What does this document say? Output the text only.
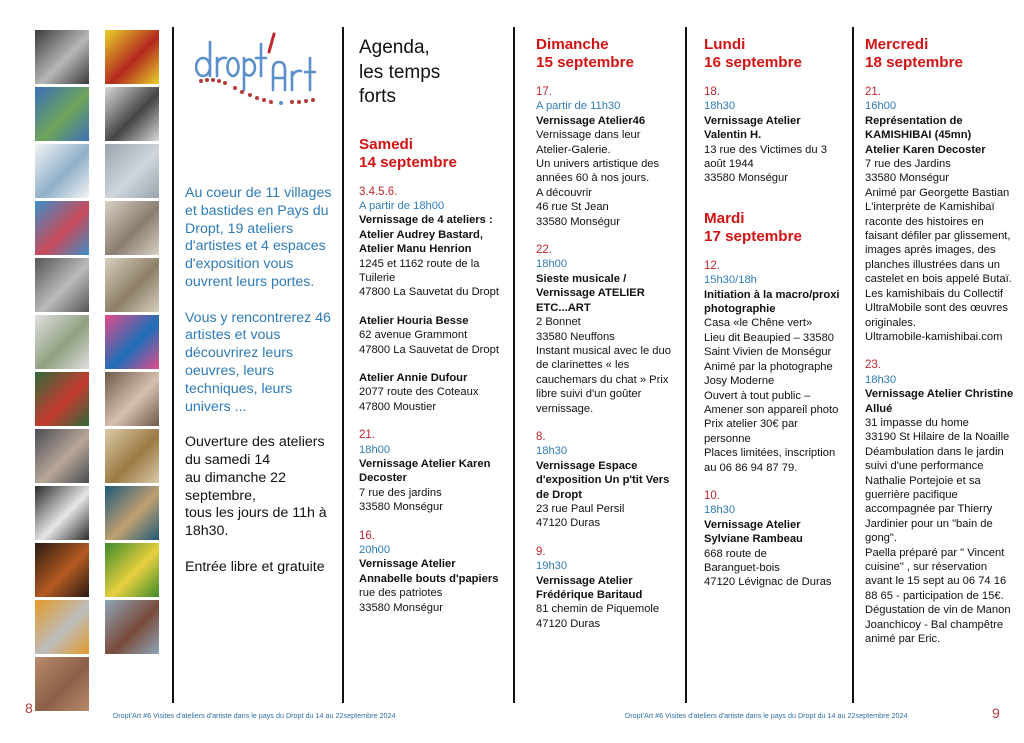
Au coeur de 11 villages et bastides en Pays du Dropt, 19 ateliers d'artistes et 4 espaces d'exposition vous ouvrent leurs portes.

Vous y rencontrerez 46 artistes et vous découvrirez leurs oeuvres, leurs techniques, leurs univers ...

Ouverture des ateliers
du samedi 14
au dimanche 22
septembre,
tous les jours de 11h à
18h30.

Entrée libre et gratuite

Agenda,
les temps
forts
Samedi
14 septembre
3.4.5.6.
A partir de 18h00
Vernissage de 4 ateliers :
Atelier Audrey Bastard,
Atelier Manu Henrion
1245 et 1162 route de la
Tuilerie
47800 La Sauvetat du Dropt
Atelier Houria Besse
62 avenue Grammont
47800 La Sauvetat de Dropt
Atelier Annie Dufour
2077 route des Coteaux
47800 Moustier
21.
18h00
Vernissage Atelier Karen
Decoster
7 rue des jardins
33580 Monségur
16.
20h00
Vernissage Atelier
Annabelle bouts d'papiers
rue des patriotes
33580 Monségur
Dimanche
15 septembre
17.
A partir de 11h30
Vernissage Atelier46
Vernissage dans leur
Atelier-Galerie.
Un univers artistique des
années 60 à nos jours.
A découvrir
46 rue St Jean
33580 Monségur
22.
18h00
Sieste musicale /
Vernissage ATELIER
ETC...ART
2 Bonnet
33580 Neuffons
Instant musical avec le duo
de clarinettes « les
cauchemars du chat » Prix
libre suivi d'un goûter
vernissage.
8.
18h30
Vernissage Espace
d'exposition Un p'tit Vers
de Dropt
23 rue Paul Persil
47120 Duras
9.
19h30
Vernissage Atelier
Frédérique Baritaud
81 chemin de Piquemole
47120 Duras
Lundi
16 septembre
18.
18h30
Vernissage Atelier
Valentin H.
13 rue des Victimes du 3
août 1944
33580 Monségur
Mardi
17 septembre
12.
15h30/18h
Initiation à la macro/proxi
photographie
Casa «le Chêne vert»
Lieu dit Beaupied – 33580
Saint Vivien de Monségur
Animé par la photographe
Josy Moderne
Ouvert à tout public –
Amener son appareil photo
Prix atelier 30€ par
personne
Places limitées, inscription
au 06 86 94 87 79.
10.
18h30
Vernissage Atelier
Sylviane Rambeau
668 route de
Baranguet-bois
47120 Lévignac de Duras
Mercredi
18 septembre
21.
16h00
Représentation de
KAMISHIBAI (45mn)
Atelier Karen Decoster
7 rue des Jardins
33580 Monségur
Animé par Georgette Bastian
L'interprète de Kamishibaï
raconte des histoires en
faisant défiler par glissement,
images après images, des
planches illustrées dans un
castelet en bois appelé Butaï.
Les kamishibais du Collectif
UltraMobile sont des œuvres
originales.
Ultramobile-kamishibai.com
23.
18h30
Vernissage Atelier Christine
Allué
31 impasse du home
33190 St Hilaire de la Noaille
Déambulation dans le jardin
suivi d'une performance
Nathalie Portejoie et sa
guerrière pacifique
accompagnée par Thierry
Jardinier pour un "bain de
gong".
Paella préparé par " Vincent
cuisine" , sur réservation
avant le 15 sept au 06 74 16
88 65 - participation de 15€.
Dégustation de vin de Manon
Joanchicoy - Bal champêtre
animé par Eric.
8	Dropt'Art #6 Visites d'ateliers d'artiste dans le pays du Dropt du 14 au 22septembre 2024	Dropt'Art #6 Visites d'ateliers d'artiste dans le pays du Dropt du 14 au 22septembre 2024	9
